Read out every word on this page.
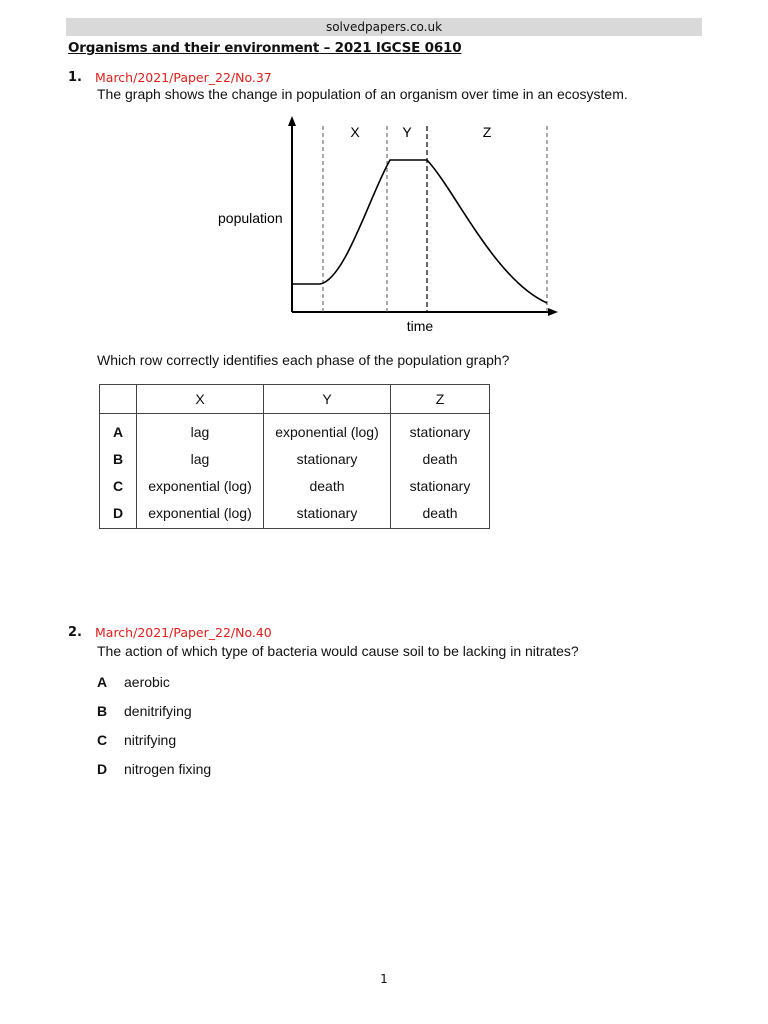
solvedpapers.co.uk
Organisms and their environment – 2021 IGCSE 0610
1. March/2021/Paper_22/No.37
The graph shows the change in population of an organism over time in an ecosystem.
X	Y	Z
population
time
Which row correctly identifies each phase of the population graph?
	X	Y	Z
A	lag	exponential (log)	stationary
B	lag	stationary	death
C	exponential (log)	death	stationary
D	exponential (log)	stationary	death
2. March/2021/Paper_22/No.40
The action of which type of bacteria would cause soil to be lacking in nitrates?
A aerobic
B denitrifying
C nitrifying
D nitrogen fixing
1
